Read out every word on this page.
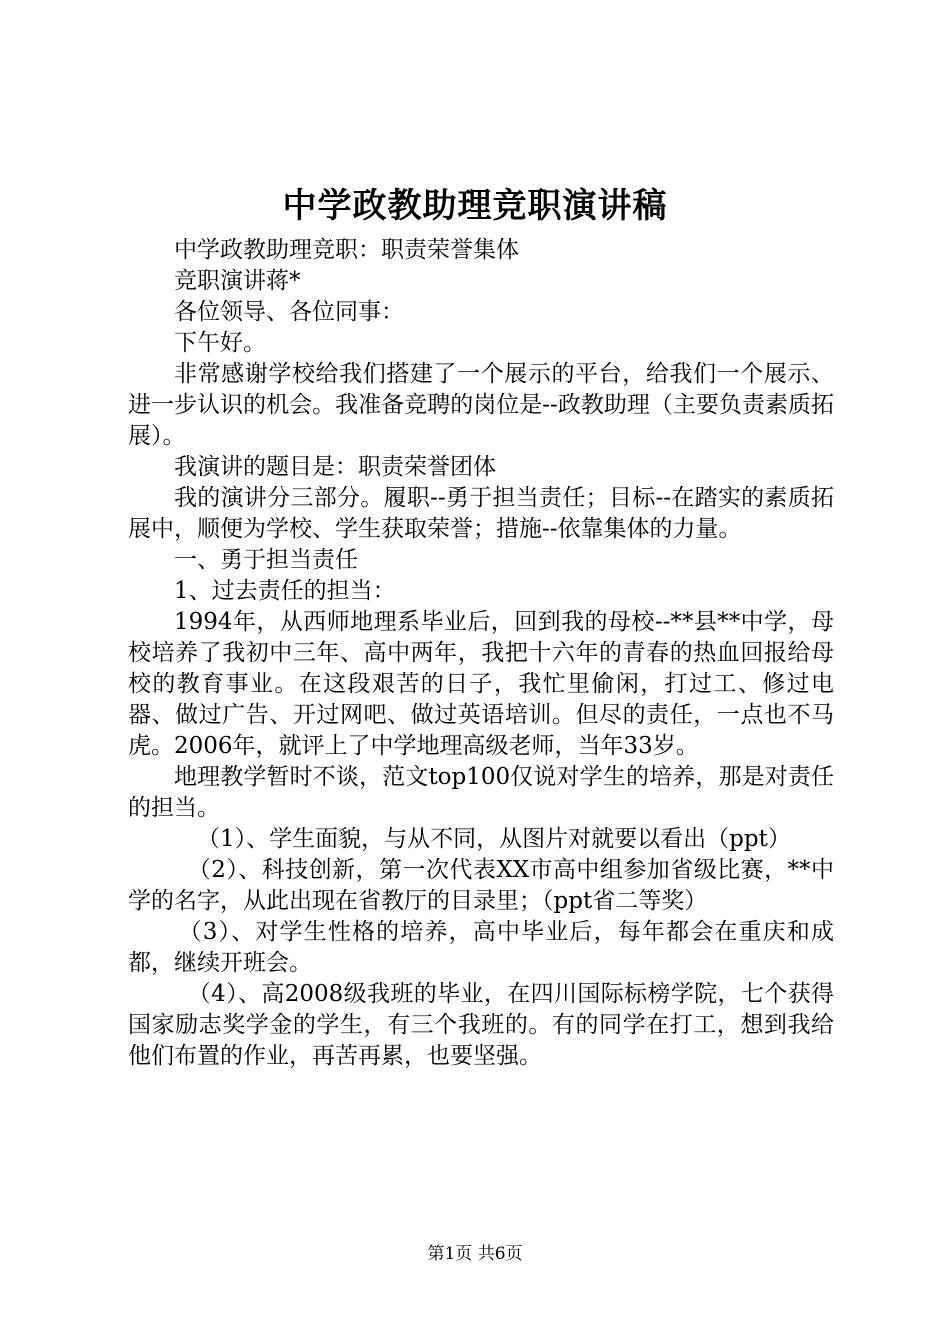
中学政教助理竞职演讲稿

中学政教助理竞职：职责荣誉集体

竞职演讲蒋*

各位领导、各位同事：

下午好。

非常感谢学校给我们搭建了一个展示的平台，给我们一个展示、进一步认识的机会。我准备竞聘的岗位是--政教助理（主要负责素质拓展）。

我演讲的题目是：职责荣誉团体

我的演讲分三部分。履职--勇于担当责任；目标--在踏实的素质拓展中，顺便为学校、学生获取荣誉；措施--依靠集体的力量。

一、勇于担当责任

1、过去责任的担当：

1994年，从西师地理系毕业后，回到我的母校--**县**中学，母校培养了我初中三年、高中两年，我把十六年的青春的热血回报给母校的教育事业。在这段艰苦的日子，我忙里偷闲，打过工、修过电器、做过广告、开过网吧、做过英语培训。但尽的责任，一点也不马虎。2006年，就评上了中学地理高级老师，当年33岁。

地理教学暂时不谈，范文top100仅说对学生的培养，那是对责任的担当。

（1）、学生面貌，与从不同，从图片对就要以看出（ppt）

（2）、科技创新，第一次代表XX市高中组参加省级比赛，**中学的名字，从此出现在省教厅的目录里；（ppt省二等奖）

（3）、对学生性格的培养，高中毕业后，每年都会在重庆和成都，继续开班会。

（4）、高2008级我班的毕业，在四川国际标榜学院，七个获得国家励志奖学金的学生，有三个我班的。有的同学在打工，想到我给他们布置的作业，再苦再累，也要坚强。

第1页 共6页
